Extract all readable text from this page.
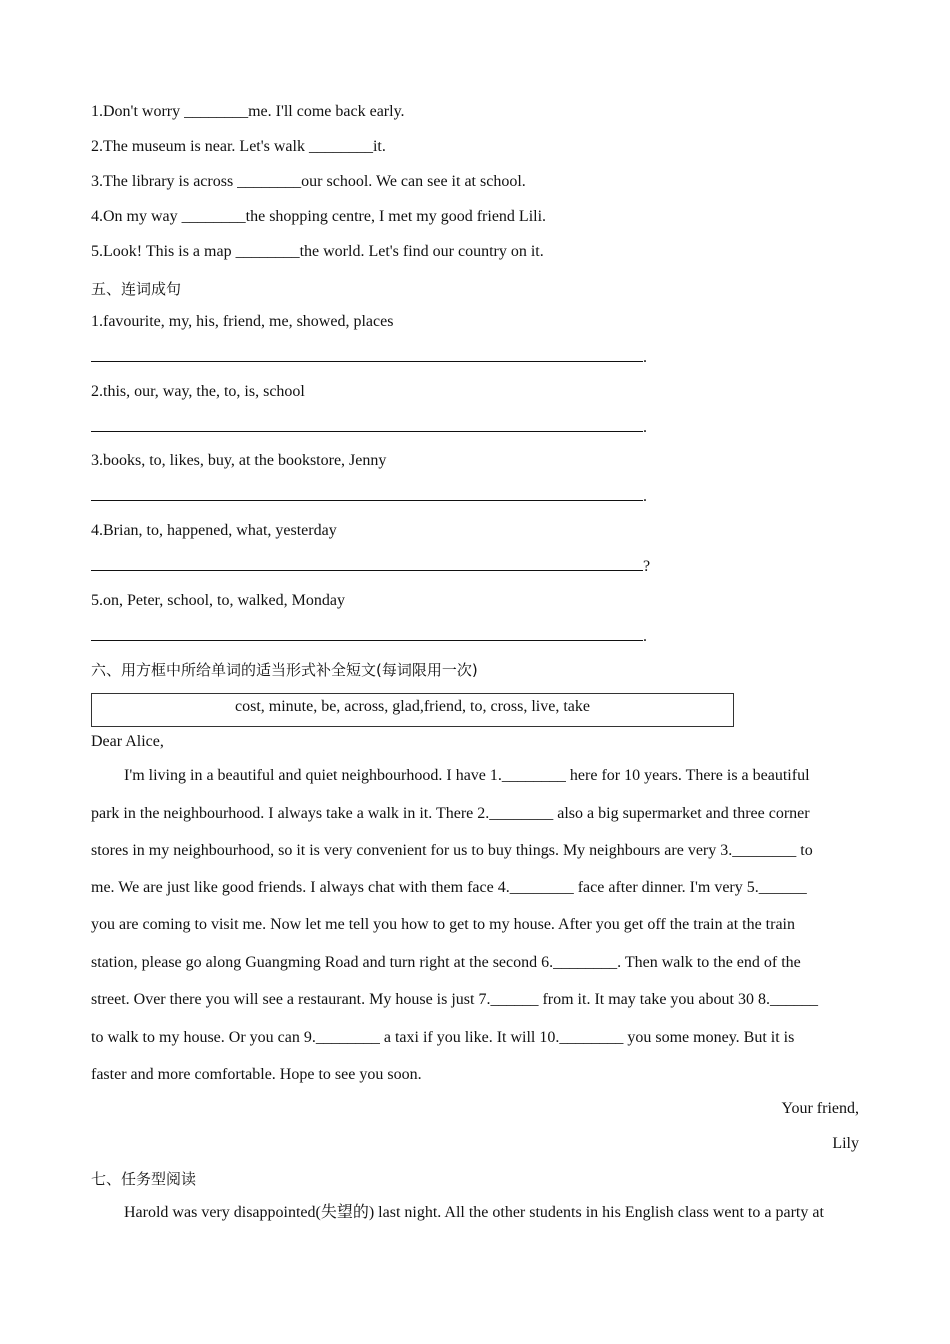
1.Don't worry ________me. I'll come back early.
2.The museum is near. Let's walk ________it.
3.The library is across ________our school. We can see it at school.
4.On my way ________the shopping centre, I met my good friend Lili.
5.Look! This is a map ________the world. Let's find our country on it.
五、连词成句
1.favourite, my, his, friend, me, showed, places
.
2.this, our, way, the, to, is, school
.
3.books, to, likes, buy, at the bookstore, Jenny
.
4.Brian, to, happened, what, yesterday
?
5.on, Peter, school, to, walked, Monday
.
六、用方框中所给单词的适当形式补全短文(每词限用一次)
cost, minute, be, across, glad,friend, to, cross, live, take
Dear Alice,
I'm living in a beautiful and quiet neighbourhood. I have 1.________ here for 10 years. There is a beautiful
park in the neighbourhood. I always take a walk in it. There 2.________ also a big supermarket and three corner
stores in my neighbourhood, so it is very convenient for us to buy things. My neighbours are very 3.________ to
me. We are just like good friends. I always chat with them face 4.________ face after dinner. I'm very 5.______
you are coming to visit me. Now let me tell you how to get to my house. After you get off the train at the train
station, please go along Guangming Road and turn right at the second 6.________. Then walk to the end of the
street. Over there you will see a restaurant. My house is just 7.______ from it. It may take you about 30 8.______
to walk to my house. Or you can 9.________ a taxi if you like. It will 10.________ you some money. But it is
faster and more comfortable. Hope to see you soon.
Your friend,
Lily
七、任务型阅读
Harold was very disappointed(失望的) last night. All the other students in his English class went to a party at
